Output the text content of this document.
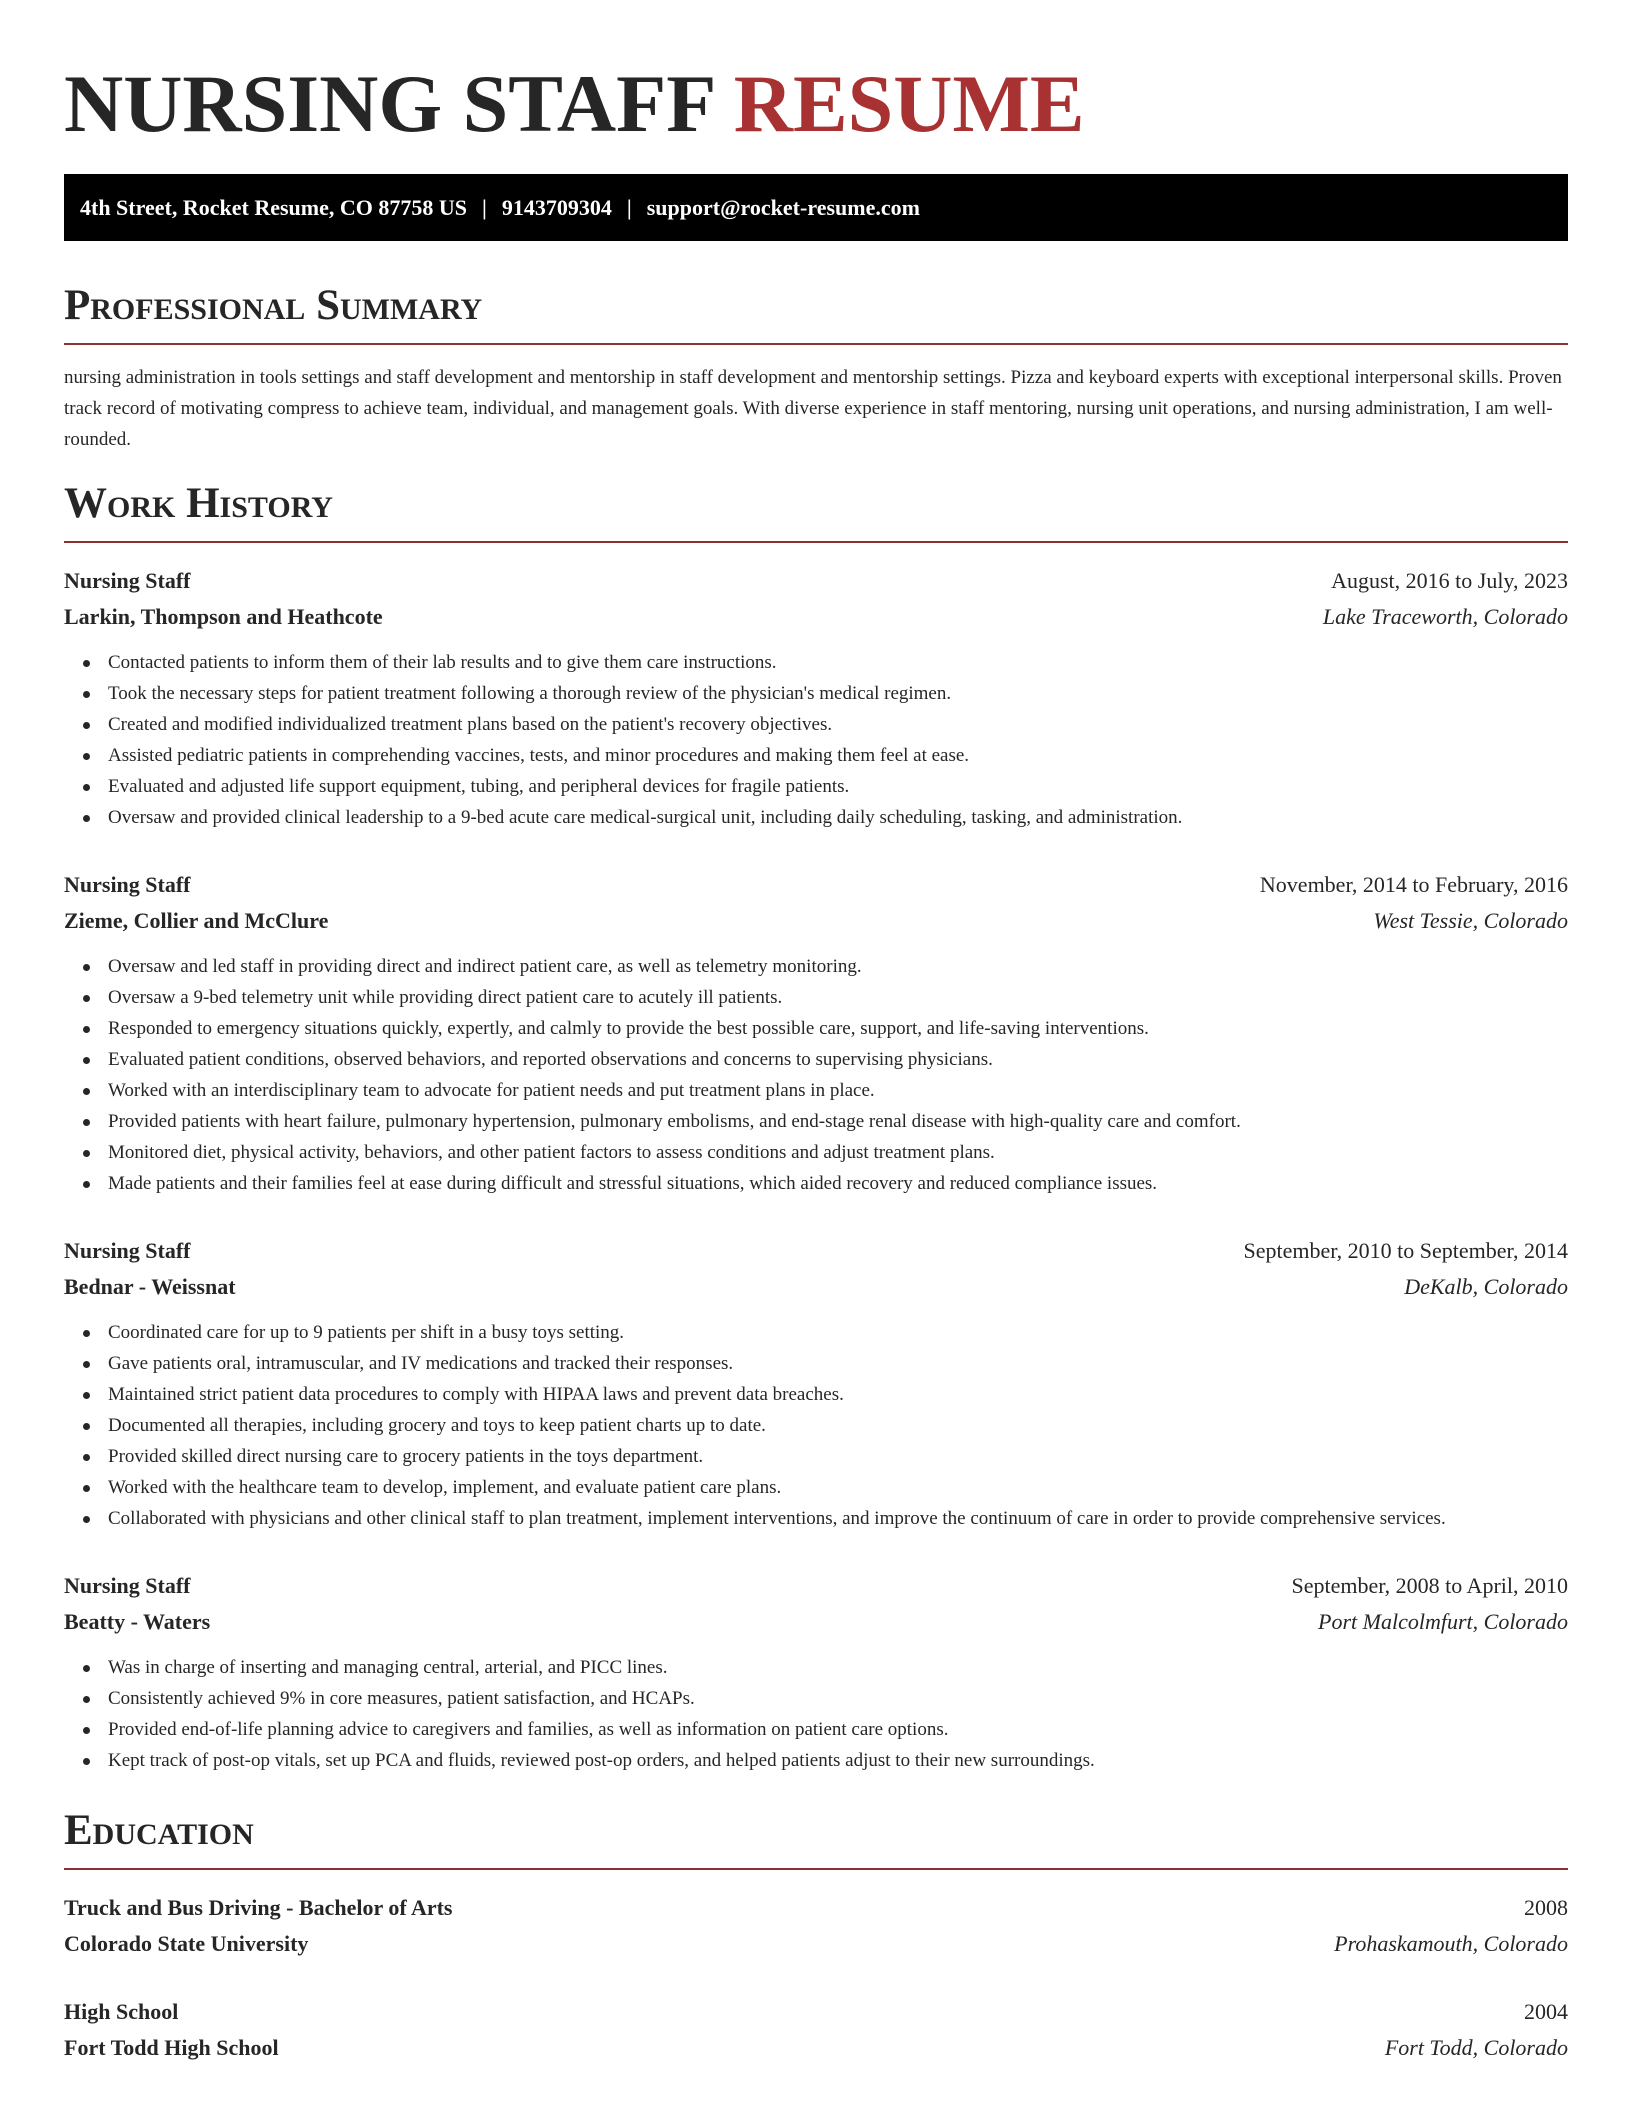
NURSING STAFF RESUME
4th Street, Rocket Resume, CO 87758 US | 9143709304 | support@rocket-resume.com
Professional Summary

nursing administration in tools settings and staff development and mentorship in staff development and mentorship settings. Pizza and keyboard experts with exceptional interpersonal skills. Proven track record of motivating compress to achieve team, individual, and management goals. With diverse experience in staff mentoring, nursing unit operations, and nursing administration, I am well-rounded.

Work History
Nursing Staff	August, 2016 to July, 2023
Larkin, Thompson and Heathcote	Lake Traceworth, Colorado
Contacted patients to inform them of their lab results and to give them care instructions.
Took the necessary steps for patient treatment following a thorough review of the physician's medical regimen.
Created and modified individualized treatment plans based on the patient's recovery objectives.
Assisted pediatric patients in comprehending vaccines, tests, and minor procedures and making them feel at ease.
Evaluated and adjusted life support equipment, tubing, and peripheral devices for fragile patients.
Oversaw and provided clinical leadership to a 9-bed acute care medical-surgical unit, including daily scheduling, tasking, and administration.
Nursing Staff	November, 2014 to February, 2016
Zieme, Collier and McClure	West Tessie, Colorado
Oversaw and led staff in providing direct and indirect patient care, as well as telemetry monitoring.
Oversaw a 9-bed telemetry unit while providing direct patient care to acutely ill patients.
Responded to emergency situations quickly, expertly, and calmly to provide the best possible care, support, and life-saving interventions.
Evaluated patient conditions, observed behaviors, and reported observations and concerns to supervising physicians.
Worked with an interdisciplinary team to advocate for patient needs and put treatment plans in place.
Provided patients with heart failure, pulmonary hypertension, pulmonary embolisms, and end-stage renal disease with high-quality care and comfort.
Monitored diet, physical activity, behaviors, and other patient factors to assess conditions and adjust treatment plans.
Made patients and their families feel at ease during difficult and stressful situations, which aided recovery and reduced compliance issues.
Nursing Staff	September, 2010 to September, 2014
Bednar - Weissnat	DeKalb, Colorado
Coordinated care for up to 9 patients per shift in a busy toys setting.
Gave patients oral, intramuscular, and IV medications and tracked their responses.
Maintained strict patient data procedures to comply with HIPAA laws and prevent data breaches.
Documented all therapies, including grocery and toys to keep patient charts up to date.
Provided skilled direct nursing care to grocery patients in the toys department.
Worked with the healthcare team to develop, implement, and evaluate patient care plans.
Collaborated with physicians and other clinical staff to plan treatment, implement interventions, and improve the continuum of care in order to provide comprehensive services.
Nursing Staff	September, 2008 to April, 2010
Beatty - Waters	Port Malcolmfurt, Colorado
Was in charge of inserting and managing central, arterial, and PICC lines.
Consistently achieved 9% in core measures, patient satisfaction, and HCAPs.
Provided end-of-life planning advice to caregivers and families, as well as information on patient care options.
Kept track of post-op vitals, set up PCA and fluids, reviewed post-op orders, and helped patients adjust to their new surroundings.
Education
Truck and Bus Driving - Bachelor of Arts	2008
Colorado State University	Prohaskamouth, Colorado
High School	2004
Fort Todd High School	Fort Todd, Colorado
